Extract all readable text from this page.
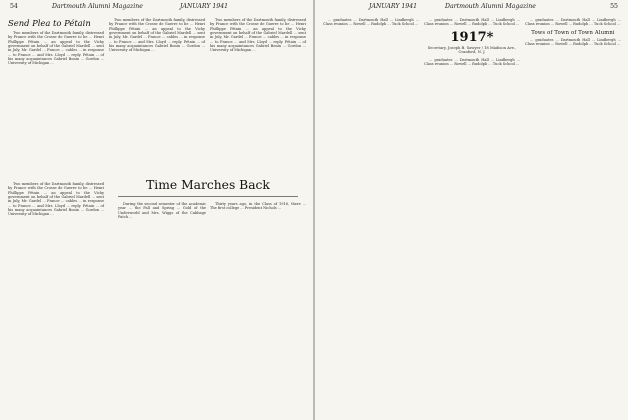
54	Dartmouth Alumni Magazine	JANUARY 1941
Send Plea to Pétain

Two members of the Dartmouth family, distressed by France with the Crosse de Guerre to be ... Henri Phillippe Pétain ... an appeal to the Vichy government on behalf of the Gabriel Mardell ... sent in July, Mr. Gardel ... France ... cables ... in response ... to France ... and Mrs. Lloyd ... reply. Pétain ... of his many acquaintances Gabriel Bonin ... Gordon ... University of Michigan ...

Two members of the Dartmouth family, distressed by France with the Crosse de Guerre to be ... Henri Phillippe Pétain ... an appeal to the Vichy government on behalf of the Gabriel Mardell ... sent in July, Mr. Gardel ... France ... cables ... in response ... to France ... and Mrs. Lloyd ... reply. Pétain ... of his many acquaintances Gabriel Bonin ... Gordon ... University of Michigan ...

Two members of the Dartmouth family, distressed by France with the Crosse de Guerre to be ... Henri Phillippe Pétain ... an appeal to the Vichy government on behalf of the Gabriel Mardell ... sent in July, Mr. Gardel ... France ... cables ... in response ... to France ... and Mrs. Lloyd ... reply. Pétain ... of his many acquaintances Gabriel Bonin ... Gordon ... University of Michigan ...

Time Marches Back

Two members of the Dartmouth family, distressed by France with the Crosse de Guerre to be ... Henri Phillippe Pétain ... an appeal to the Vichy government on behalf of the Gabriel Mardell ... sent in July, Mr. Gardel ... France ... cables ... in response ... to France ... and Mrs. Lloyd ... reply. Pétain ... of his many acquaintances Gabriel Bonin ... Gordon ... University of Michigan ...

During the second semester of the academic year ... the Fall and Spring ... Gold of the Underworld and Mrs. Wiggs of the Cabbage Patch ...

Thirty years ago, in the Class of 1916, there ... The first college ... President Nichols ...

JANUARY 1941	Dartmouth Alumni Magazine	55

... graduates ... Dartmouth Hall ... Lindbergh ... Class reunion ... Rowell ... Rudolph ... Tuck School ...

... graduates ... Dartmouth Hall ... Lindbergh ... Class reunion ... Rowell ... Rudolph ... Tuck School ...

1917*
Secretary, Joseph B. Sawyer / 18 Madison Ave., Cranford, N. J.

... graduates ... Dartmouth Hall ... Lindbergh ... Class reunion ... Rowell ... Rudolph ... Tuck School ...

... graduates ... Dartmouth Hall ... Lindbergh ... Class reunion ... Rowell ... Rudolph ... Tuck School ...

Tows of Town of Town Alumni

... graduates ... Dartmouth Hall ... Lindbergh ... Class reunion ... Rowell ... Rudolph ... Tuck School ...
